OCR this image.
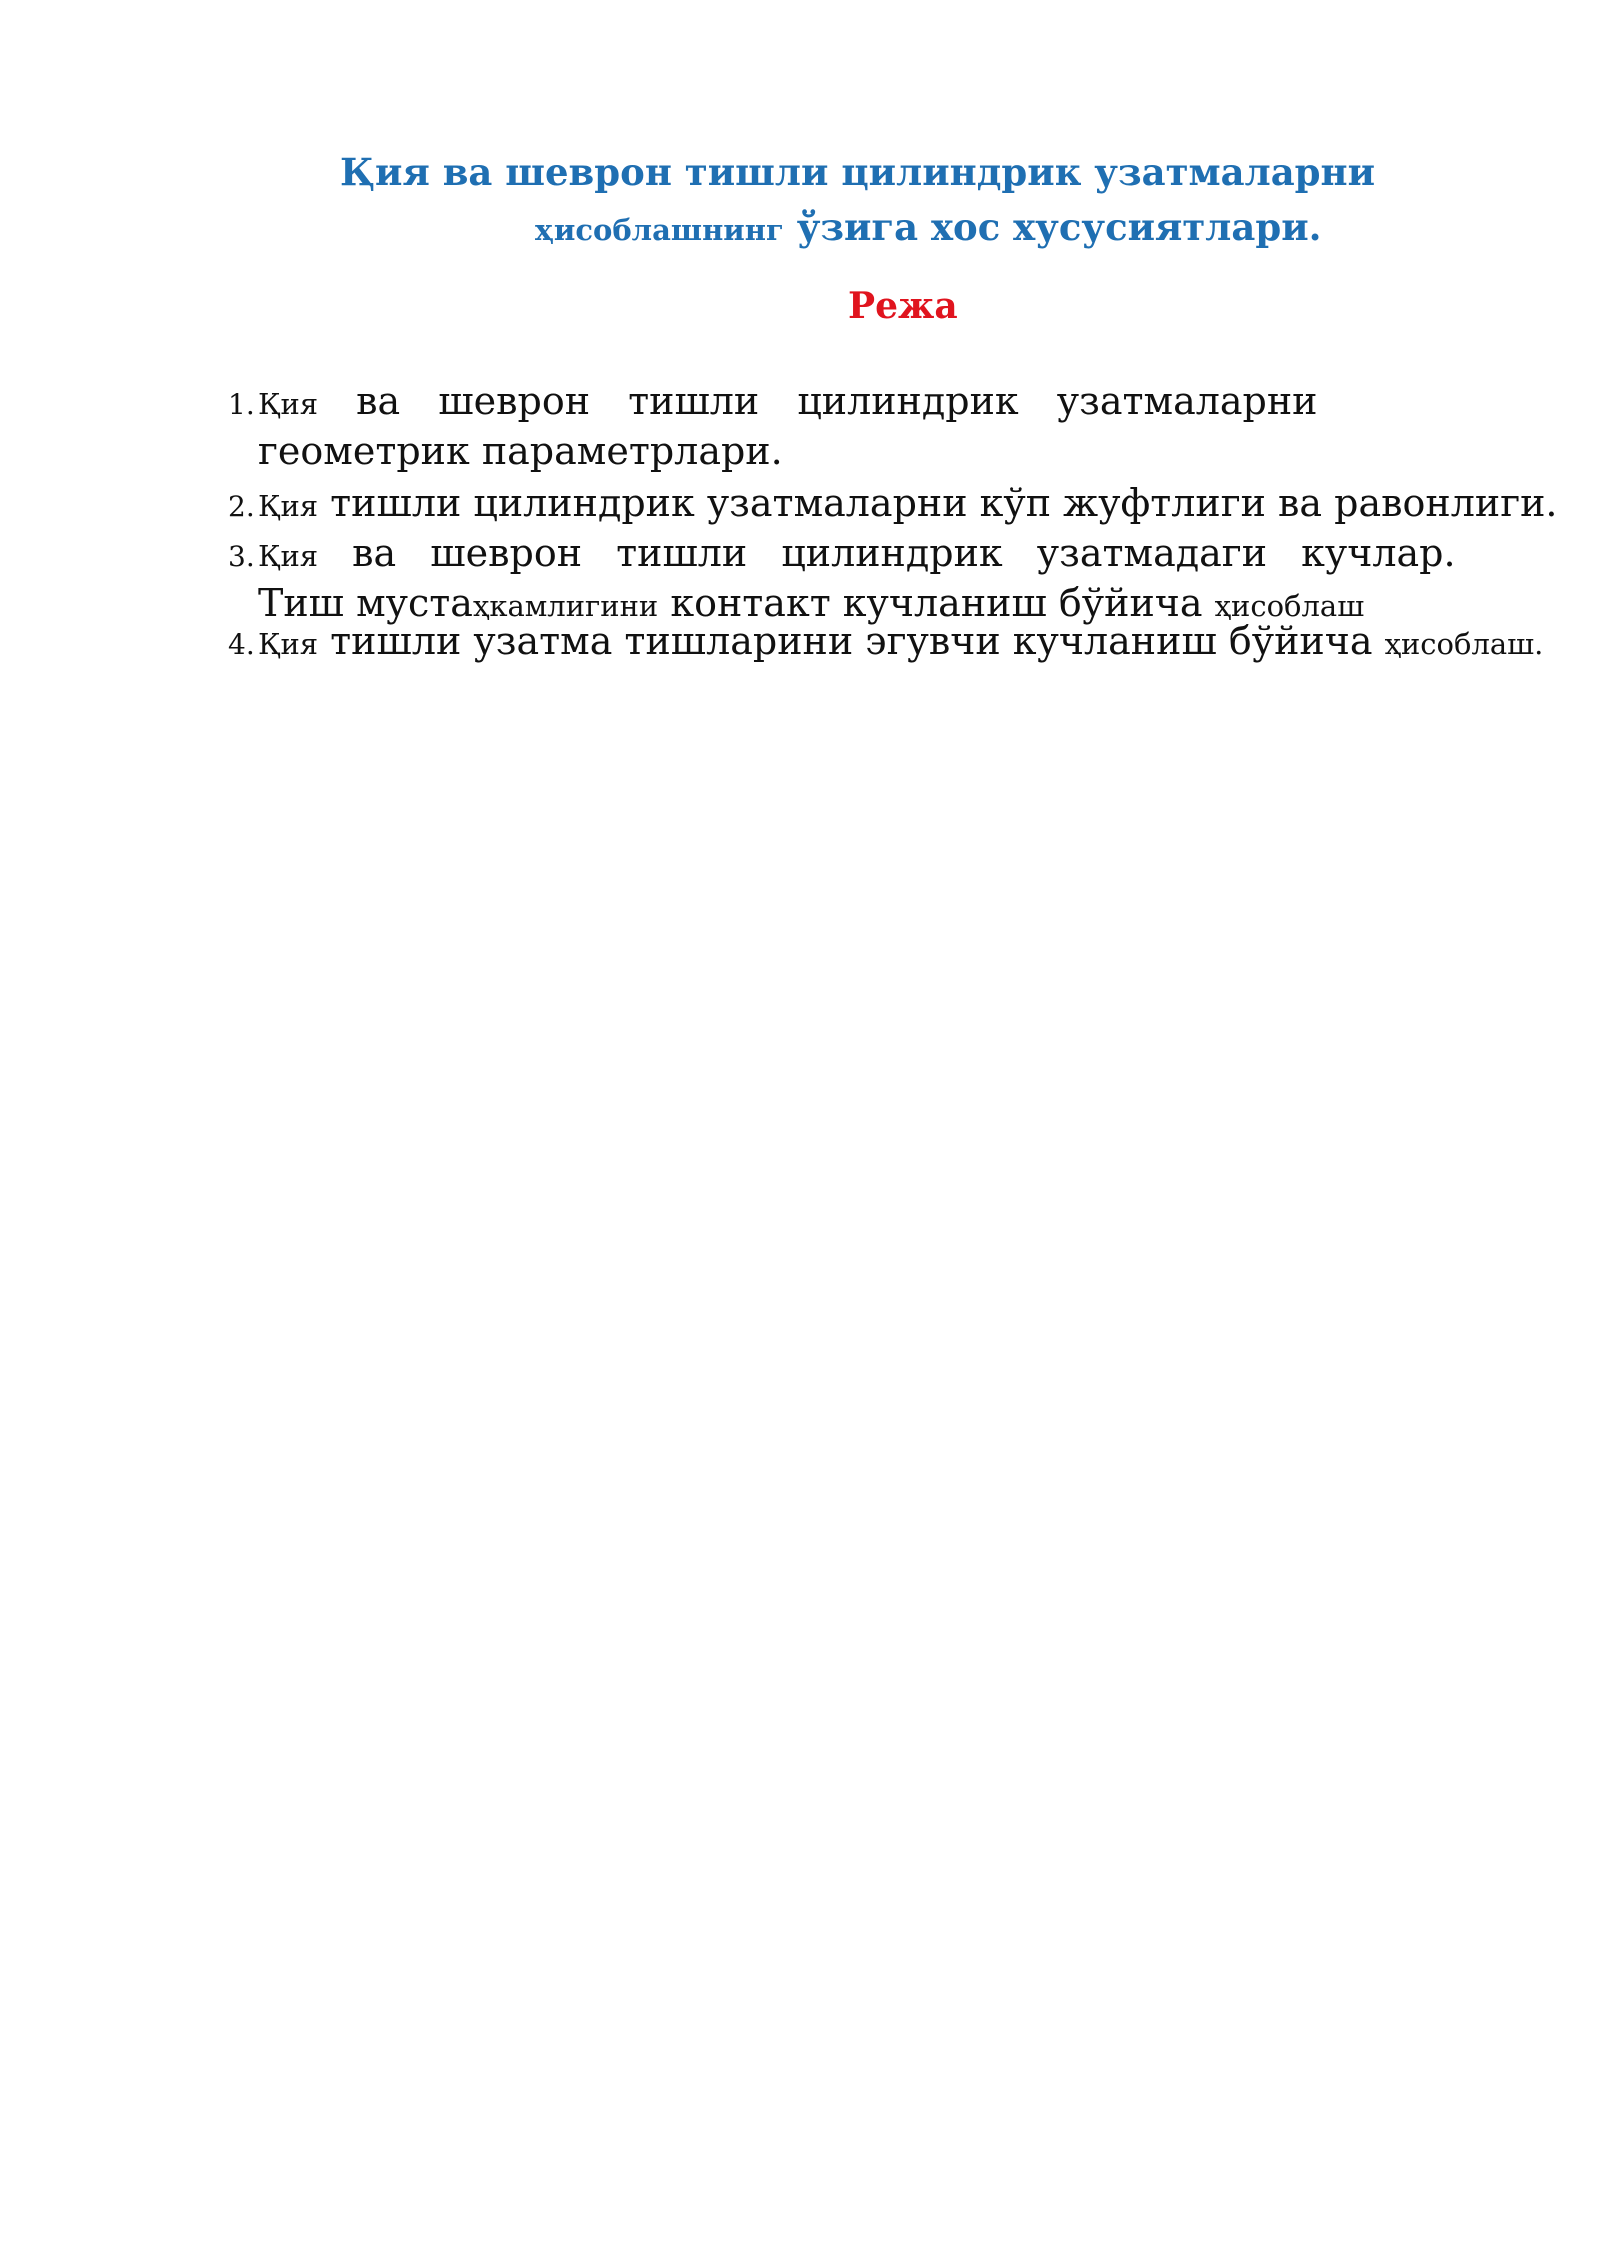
Қия ва шеврон тишли цилиндрик узатмаларни
ҳисоблашнинг ўзига хос хусусиятлари.
Режа
1. Қия ва шеврон тишли цилиндрик узатмаларни
геометрик параметрлари.
2. Қия тишли цилиндрик узатмаларни кўп жуфтлиги ва равонлиги.
3. Қия ва шеврон тишли цилиндрик узатмадаги кучлар.
Тиш мустаҳкамлигини контакт кучланиш бўйича ҳисоблаш
4. Қия тишли узатма тишларини эгувчи кучланиш бўйича ҳисоблаш.
